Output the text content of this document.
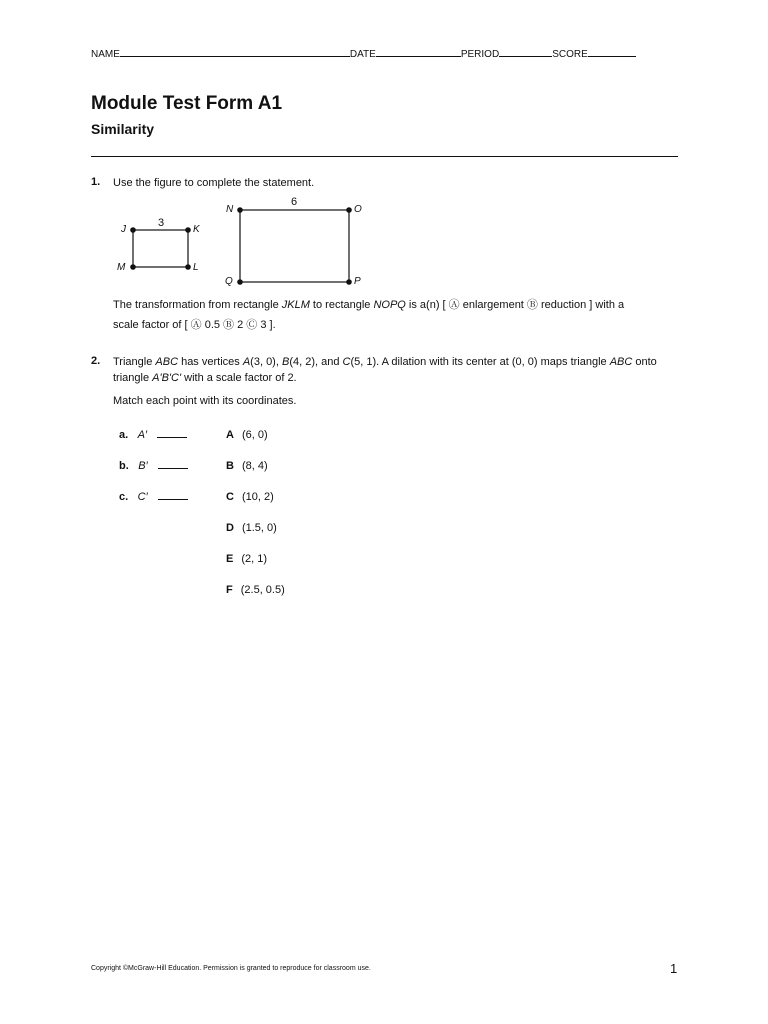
NAME	DATE	PERIOD	SCORE
Module Test Form A1
Similarity
1. Use the figure to complete the statement.
J	K
L
M
3
N	O
P
Q
6
The transformation from rectangle JKLM to rectangle NOPQ is a(n) [ Ⓐ enlargement Ⓑ reduction ] with a
scale factor of [ Ⓐ 0.5 Ⓑ 2 Ⓒ 3 ].
2. Triangle ABC has vertices A(3, 0), B(4, 2), and C(5, 1). A dilation with its center at (0, 0) maps triangle ABC onto
triangle A'B'C' with a scale factor of 2.
Match each point with its coordinates.
a. A′
b. B′
c. C′
A (6, 0)
B (8, 4)
C (10, 2)
D (1.5, 0)
E (2, 1)
F (2.5, 0.5)
Copyright ©McGraw-Hill Education. Permission is granted to reproduce for classroom use.	1
